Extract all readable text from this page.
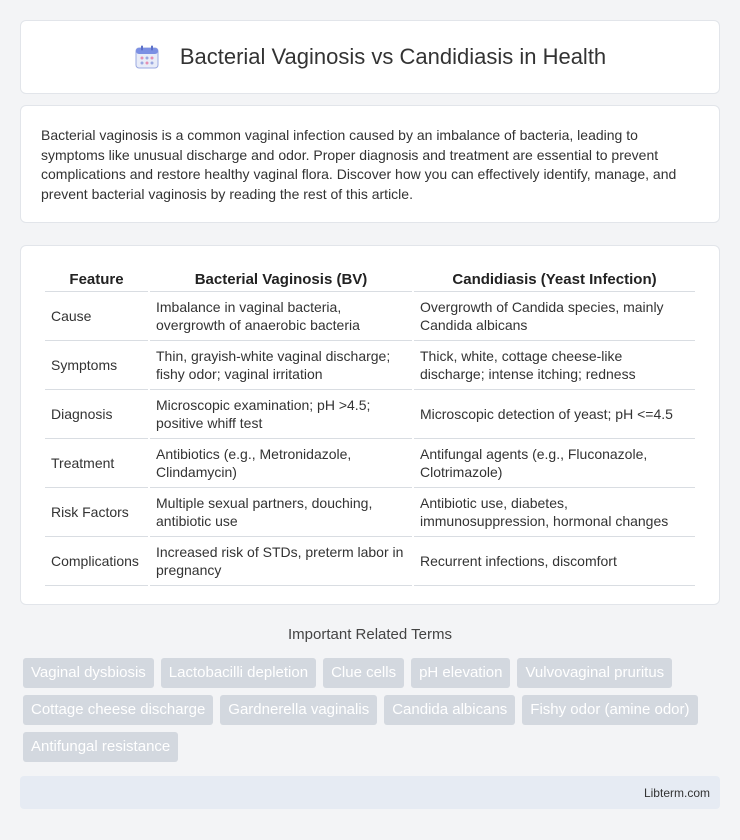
Bacterial Vaginosis vs Candidiasis in Health

Bacterial vaginosis is a common vaginal infection caused by an imbalance of bacteria, leading to symptoms like unusual discharge and odor. Proper diagnosis and treatment are essential to prevent complications and restore healthy vaginal flora. Discover how you can effectively identify, manage, and prevent bacterial vaginosis by reading the rest of this article.

Feature	Bacterial Vaginosis (BV)	Candidiasis (Yeast Infection)
Cause	Imbalance in vaginal bacteria, overgrowth of anaerobic bacteria	Overgrowth of Candida species, mainly Candida albicans
Symptoms	Thin, grayish-white vaginal discharge; fishy odor; vaginal irritation	Thick, white, cottage cheese-like discharge; intense itching; redness
Diagnosis	Microscopic examination; pH >4.5; positive whiff test	Microscopic detection of yeast; pH <=4.5
Treatment	Antibiotics (e.g., Metronidazole, Clindamycin)	Antifungal agents (e.g., Fluconazole, Clotrimazole)
Risk Factors	Multiple sexual partners, douching, antibiotic use	Antibiotic use, diabetes, immunosuppression, hormonal changes
Complications	Increased risk of STDs, preterm labor in pregnancy	Recurrent infections, discomfort
Important Related Terms
Vaginal dysbiosis	Lactobacilli depletion	Clue cells	pH elevation	Vulvovaginal pruritus
Cottage cheese discharge	Gardnerella vaginalis	Candida albicans	Fishy odor (amine odor)
Antifungal resistance
Libterm.com
